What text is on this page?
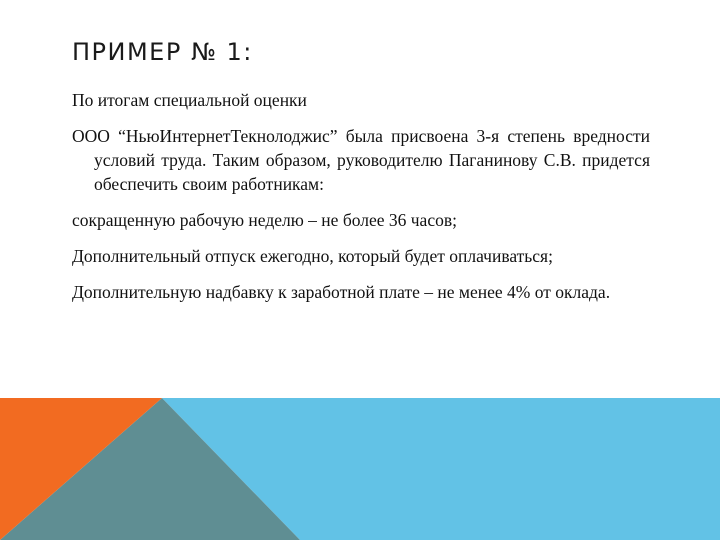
ПРИМЕР № 1:

По итогам специальной оценки

ООО “НьюИнтернетТекнолоджис” была присвоена 3-я степень вредности условий труда. Таким образом, руководителю Паганинову С.В. придется обеспечить своим работникам:

сокращенную рабочую неделю – не более 36 часов;

Дополнительный отпуск ежегодно, который будет оплачиваться;

Дополнительную надбавку к заработной плате – не менее 4% от оклада.
